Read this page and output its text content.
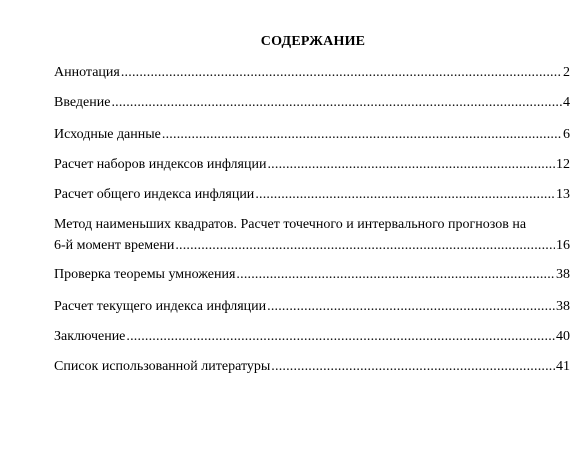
СОДЕРЖАНИЕ
Аннотация .....	2
Введение .....	4
Исходные данные .....	6
Расчет наборов индексов инфляции .....	12
Расчет общего индекса инфляции .....	13
Метод наименьших квадратов. Расчет точечного и интервального прогнозов на
6-й момент времени .....	16
Проверка теоремы умножения .....	38
Расчет текущего индекса инфляции .....	38
Заключение .....	40
Список использованной литературы .....	41
